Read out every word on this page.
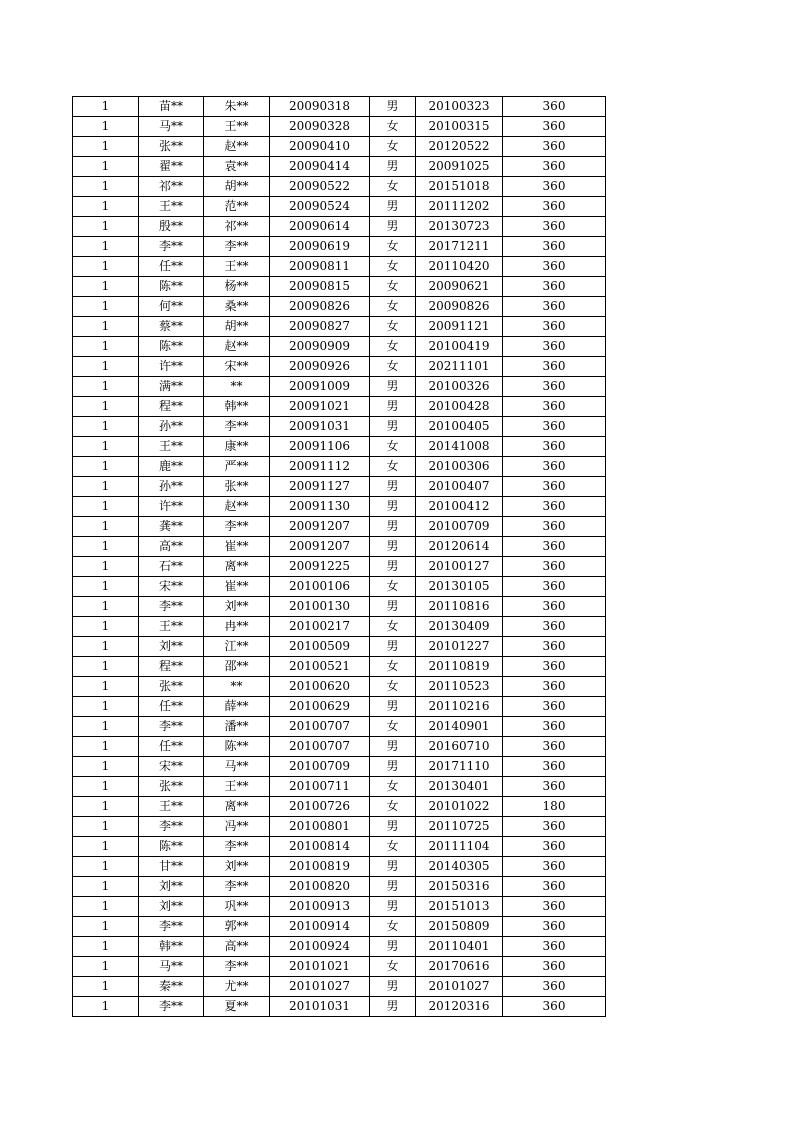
1	苗**	朱**	20090318	男	20100323	360
1	马**	王**	20090328	女	20100315	360
1	张**	赵**	20090410	女	20120522	360
1	翟**	袁**	20090414	男	20091025	360
1	祁**	胡**	20090522	女	20151018	360
1	王**	范**	20090524	男	20111202	360
1	殷**	祁**	20090614	男	20130723	360
1	李**	李**	20090619	女	20171211	360
1	任**	王**	20090811	女	20110420	360
1	陈**	杨**	20090815	女	20090621	360
1	何**	桑**	20090826	女	20090826	360
1	蔡**	胡**	20090827	女	20091121	360
1	陈**	赵**	20090909	女	20100419	360
1	许**	宋**	20090926	女	20211101	360
1	满**	**	20091009	男	20100326	360
1	程**	韩**	20091021	男	20100428	360
1	孙**	李**	20091031	男	20100405	360
1	王**	康**	20091106	女	20141008	360
1	鹿**	严**	20091112	女	20100306	360
1	孙**	张**	20091127	男	20100407	360
1	许**	赵**	20091130	男	20100412	360
1	龚**	李**	20091207	男	20100709	360
1	高**	崔**	20091207	男	20120614	360
1	石**	离**	20091225	男	20100127	360
1	宋**	崔**	20100106	女	20130105	360
1	李**	刘**	20100130	男	20110816	360
1	王**	冉**	20100217	女	20130409	360
1	刘**	江**	20100509	男	20101227	360
1	程**	邵**	20100521	女	20110819	360
1	张**	**	20100620	女	20110523	360
1	任**	薛**	20100629	男	20110216	360
1	李**	潘**	20100707	女	20140901	360
1	任**	陈**	20100707	男	20160710	360
1	宋**	马**	20100709	男	20171110	360
1	张**	王**	20100711	女	20130401	360
1	王**	离**	20100726	女	20101022	180
1	李**	冯**	20100801	男	20110725	360
1	陈**	李**	20100814	女	20111104	360
1	甘**	刘**	20100819	男	20140305	360
1	刘**	李**	20100820	男	20150316	360
1	刘**	巩**	20100913	男	20151013	360
1	李**	郭**	20100914	女	20150809	360
1	韩**	高**	20100924	男	20110401	360
1	马**	李**	20101021	女	20170616	360
1	秦**	尤**	20101027	男	20101027	360
1	李**	夏**	20101031	男	20120316	360
